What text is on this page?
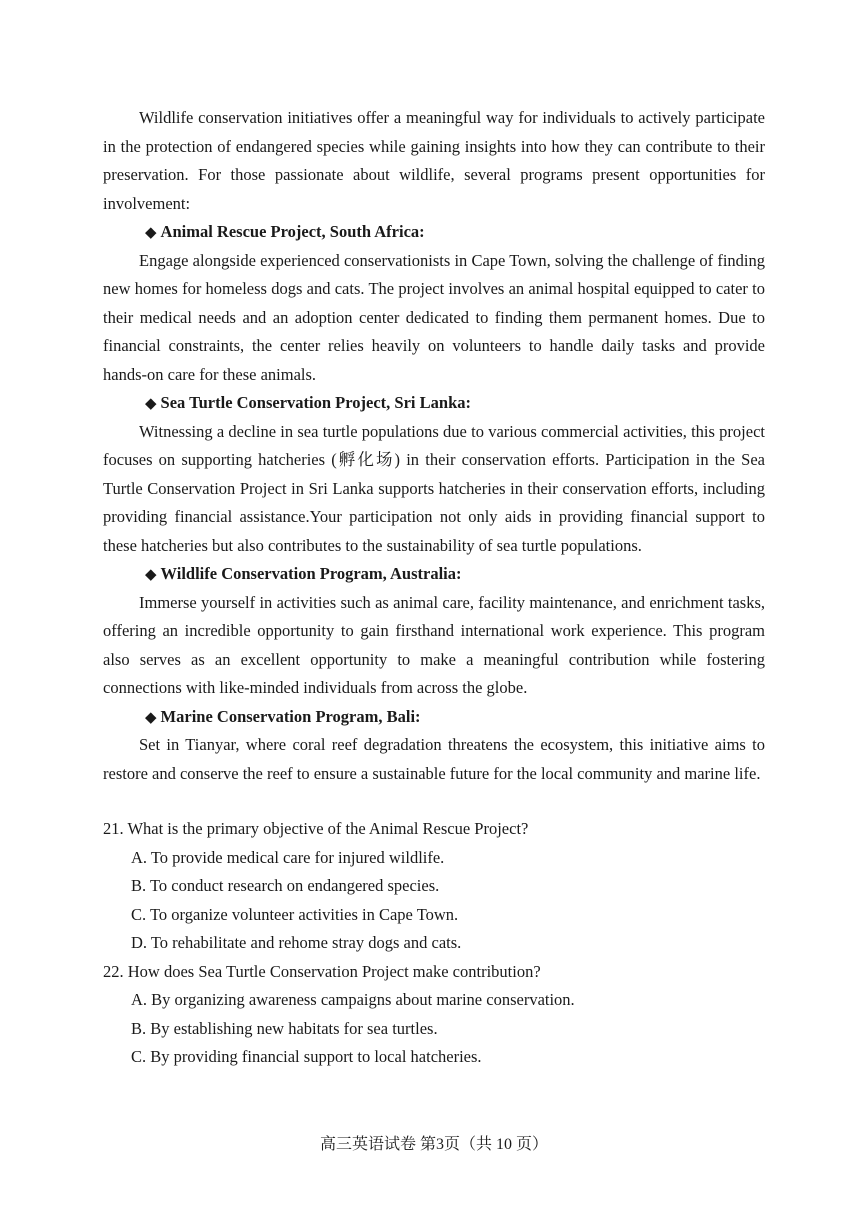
Wildlife conservation initiatives offer a meaningful way for individuals to actively participate in the protection of endangered species while gaining insights into how they can contribute to their preservation. For those passionate about wildlife, several programs present opportunities for involvement:

◆ Animal Rescue Project, South Africa:

Engage alongside experienced conservationists in Cape Town, solving the challenge of finding new homes for homeless dogs and cats. The project involves an animal hospital equipped to cater to their medical needs and an adoption center dedicated to finding them permanent homes. Due to financial constraints, the center relies heavily on volunteers to handle daily tasks and provide hands-on care for these animals.

◆ Sea Turtle Conservation Project, Sri Lanka:

Witnessing a decline in sea turtle populations due to various commercial activities, this project focuses on supporting hatcheries (孵化场) in their conservation efforts. Participation in the Sea Turtle Conservation Project in Sri Lanka supports hatcheries in their conservation efforts, including providing financial assistance.Your participation not only aids in providing financial support to these hatcheries but also contributes to the sustainability of sea turtle populations.

◆ Wildlife Conservation Program, Australia:

Immerse yourself in activities such as animal care, facility maintenance, and enrichment tasks, offering an incredible opportunity to gain firsthand international work experience. This program also serves as an excellent opportunity to make a meaningful contribution while fostering connections with like-minded individuals from across the globe.

◆ Marine Conservation Program, Bali:

Set in Tianyar, where coral reef degradation threatens the ecosystem, this initiative aims to restore and conserve the reef to ensure a sustainable future for the local community and marine life.

21. What is the primary objective of the Animal Rescue Project?

A. To provide medical care for injured wildlife.

B. To conduct research on endangered species.

C. To organize volunteer activities in Cape Town.

D. To rehabilitate and rehome stray dogs and cats.

22. How does Sea Turtle Conservation Project make contribution?

A. By organizing awareness campaigns about marine conservation.

B. By establishing new habitats for sea turtles.

C. By providing financial support to local hatcheries.

高三英语试卷 第3页（共 10 页）
